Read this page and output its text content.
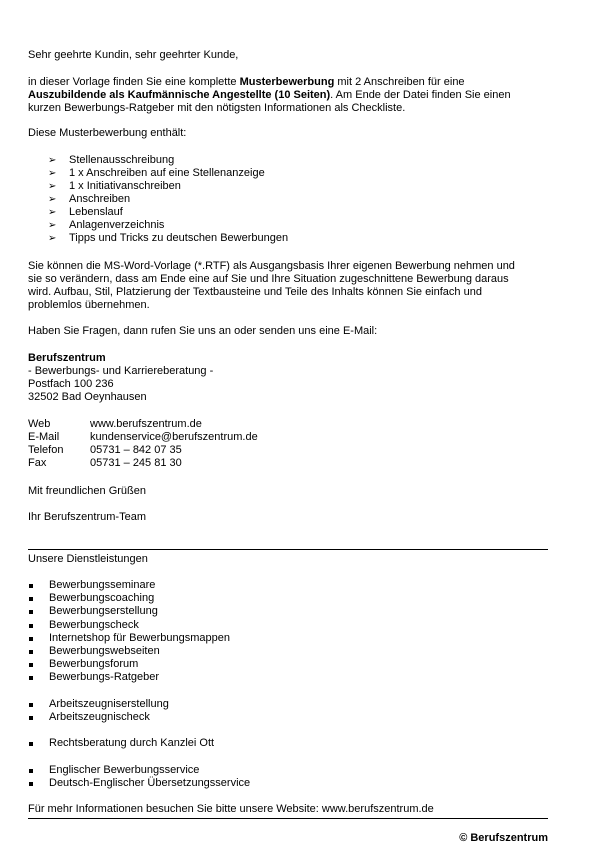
Sehr geehrte Kundin, sehr geehrter Kunde,
in dieser Vorlage finden Sie eine komplette Musterbewerbung mit 2 Anschreiben für eine
Auszubildende als Kaufmännische Angestellte (10 Seiten). Am Ende der Datei finden Sie einen
kurzen Bewerbungs-Ratgeber mit den nötigsten Informationen als Checkliste.
Diese Musterbewerbung enthält:
➢ Stellenausschreibung
➢ 1 x Anschreiben auf eine Stellenanzeige
➢ 1 x Initiativanschreiben
➢ Anschreiben
➢ Lebenslauf
➢ Anlagenverzeichnis
➢ Tipps und Tricks zu deutschen Bewerbungen
Sie können die MS-Word-Vorlage (*.RTF) als Ausgangsbasis Ihrer eigenen Bewerbung nehmen und
sie so verändern, dass am Ende eine auf Sie und Ihre Situation zugeschnittene Bewerbung daraus
wird. Aufbau, Stil, Platzierung der Textbausteine und Teile des Inhalts können Sie einfach und
problemlos übernehmen.
Haben Sie Fragen, dann rufen Sie uns an oder senden uns eine E-Mail:
Berufszentrum
- Bewerbungs- und Karriereberatung -
Postfach 100 236
32502 Bad Oeynhausen
Web	www.berufszentrum.de
E-Mail	kundenservice@berufszentrum.de
Telefon 05731 – 842 07 35
Fax	05731 – 245 81 30
Mit freundlichen Grüßen
Ihr Berufszentrum-Team
Unsere Dienstleistungen
Bewerbungsseminare
Bewerbungscoaching
Bewerbungserstellung
Bewerbungscheck
Internetshop für Bewerbungsmappen
Bewerbungswebseiten
Bewerbungsforum
Bewerbungs-Ratgeber
Arbeitszeugniserstellung
Arbeitszeugnischeck
Rechtsberatung durch Kanzlei Ott
Englischer Bewerbungsservice
Deutsch-Englischer Übersetzungsservice
Für mehr Informationen besuchen Sie bitte unsere Website: www.berufszentrum.de
© Berufszentrum
